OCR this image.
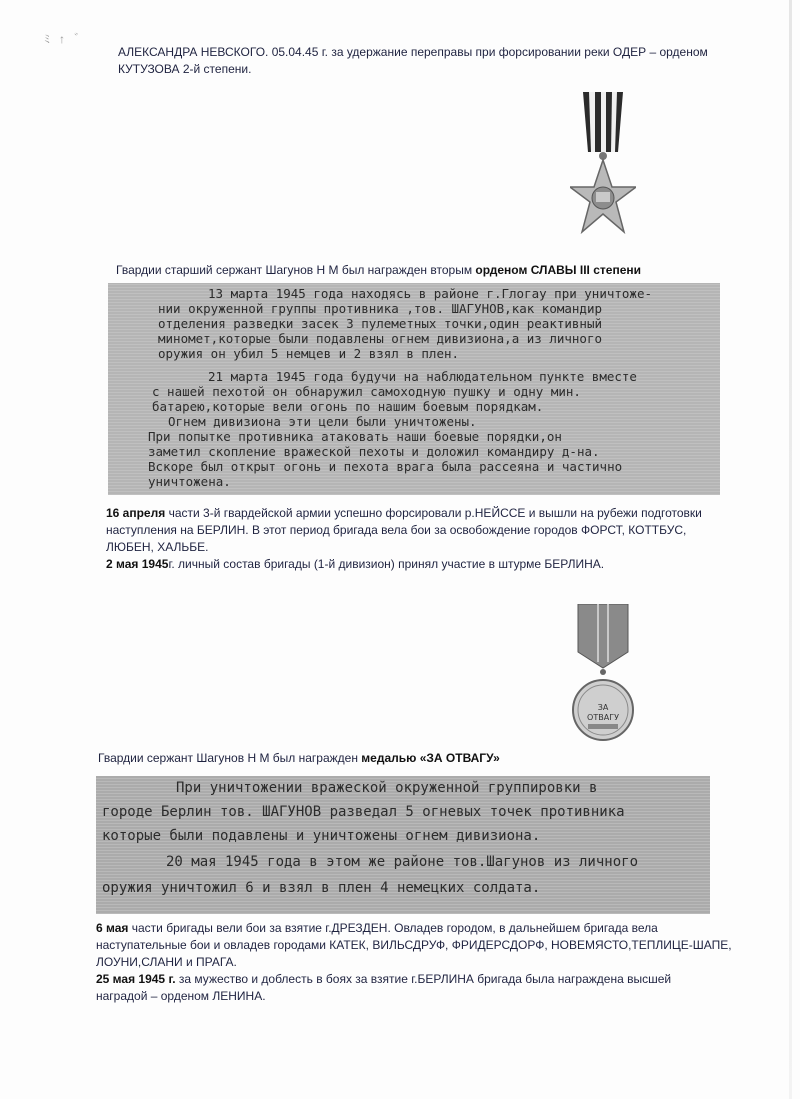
ﾐ ↑ ゛

АЛЕКСАНДРА НЕВСКОГО. 05.04.45 г. за удержание переправы при форсировании реки ОДЕР – орденом
КУТУЗОВА 2-й степени.

Гвардии старший сержант Шагунов Н М был награжден вторым орденом СЛАВЫ III степени

13 марта 1945 года находясь в районе г.Глогау при уничтоже-
нии окруженной группы противника ,тов. ШАГУНОВ,как командир
отделения разведки засек 3 пулеметных точки,один реактивный
миномет,которые были подавлены огнем дивизиона,а из личного
оружия он убил 5 немцев и 2 взял в плен.
21 марта 1945 года будучи на наблюдательном пункте вместе
с нашей пехотой он обнаружил самоходную пушку и одну мин.
батарею,которые вели огонь по нашим боевым порядкам.
Огнем дивизиона эти цели были уничтожены.
При попытке противника атаковать наши боевые порядки,он
заметил скопление вражеской пехоты и доложил командиру д-на.
Вскоре был открыт огонь и пехота врага была рассеяна и частично
уничтожена.

16 апреля части 3-й гвардейской армии успешно форсировали р.НЕЙССЕ и вышли на рубежи подготовки
наступления на БЕРЛИН. В этот период бригада вела бои за освобождение городов ФОРСТ, КОТТБУС,
ЛЮБЕН, ХАЛЬБЕ.
2 мая 1945г. личный состав бригады (1-й дивизион) принял участие в штурме БЕРЛИНА.

ЗА
ОТВАГУ

Гвардии сержант Шагунов Н М был награжден медалью «ЗА ОТВАГУ»

При уничтожении вражеской окруженной группировки в
городе Берлин тов. ШАГУНОВ разведал 5 огневых точек противника
которые были подавлены и уничтожены огнем дивизиона.
20 мая 1945 года в этом же районе тов.Шагунов из личного
оружия уничтожил 6 и взял в плен 4 немецких солдата.

6 мая части бригады вели бои за взятие г.ДРЕЗДЕН. Овладев городом, в дальнейшем бригада вела
наступательные бои и овладев городами КАТЕК, ВИЛЬСДРУФ, ФРИДЕРСДОРФ, НОВЕМЯСТО,ТЕПЛИЦЕ-ШАПЕ,
ЛОУНИ,СЛАНИ и ПРАГА.
25 мая 1945 г. за мужество и доблесть в боях за взятие г.БЕРЛИНА бригада была награждена высшей
наградой – орденом ЛЕНИНА.
